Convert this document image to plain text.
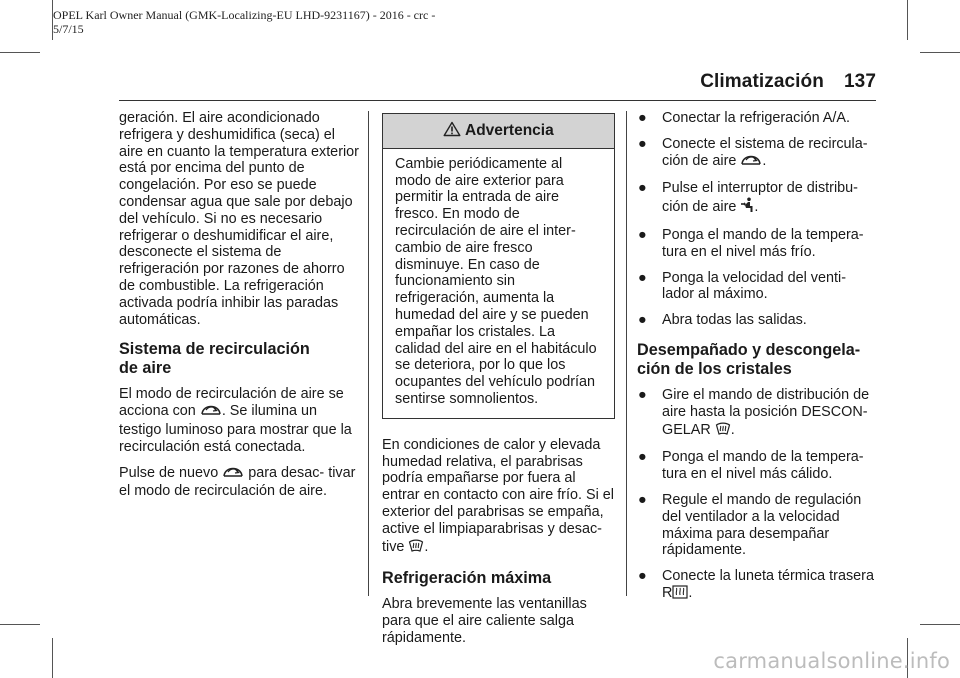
OPEL Karl Owner Manual (GMK-Localizing-EU LHD-9231167) - 2016 - crc -
5/7/15
Climatización 137

geración. El aire acondicionado refrigera y deshumidifica (seca) el aire en cuanto la temperatura exterior está por encima del punto de congelación. Por eso se puede condensar agua que sale por debajo del vehículo. Si no es necesario refrigerar o deshumidificar el aire, desconecte el sistema de refrigeración por razones de ahorro de combustible. La refrigeración activada podría inhibir las paradas automáticas.

Sistema de recirculación
de aire

El modo de recirculación de aire se acciona con . Se ilumina un testigo luminoso para mostrar que la recirculación está conectada.

Pulse de nuevo  para desac‐ tivar el modo de recirculación de aire.

Advertencia
Cambie periódicamente al modo de aire exterior para permitir la entrada de aire fresco. En modo de recirculación de aire el inter‐ cambio de aire fresco disminuye. En caso de funcionamiento sin refrigeración, aumenta la humedad del aire y se pueden empañar los cristales. La calidad del aire en el habitáculo se deteriora, por lo que los ocupantes del vehículo podrían sentirse somnolientos.

En condiciones de calor y elevada humedad relativa, el parabrisas podría empañarse por fuera al entrar en contacto con aire frío. Si el exterior del parabrisas se empaña, active el limpiaparabrisas y desac‐ tive .

Refrigeración máxima

Abra brevemente las ventanillas para que el aire caliente salga rápidamente.

● Conectar la refrigeración A/A.
● Conecte el sistema de recircula‐ ción de aire .
● Pulse el interruptor de distribu‐ ción de aire .
● Ponga el mando de la tempera‐ tura en el nivel más frío.
● Ponga la velocidad del venti‐ lador al máximo.
● Abra todas las salidas.
Desempañado y descongela‐
ción de los cristales
● Gire el mando de distribución de aire hasta la posición DESCON‐ GELAR .
● Ponga el mando de la tempera‐ tura en el nivel más cálido.
● Regule el mando de regulación del ventilador a la velocidad máxima para desempañar rápidamente.
● Conecte la luneta térmica trasera R .
carmanualsonline.info
